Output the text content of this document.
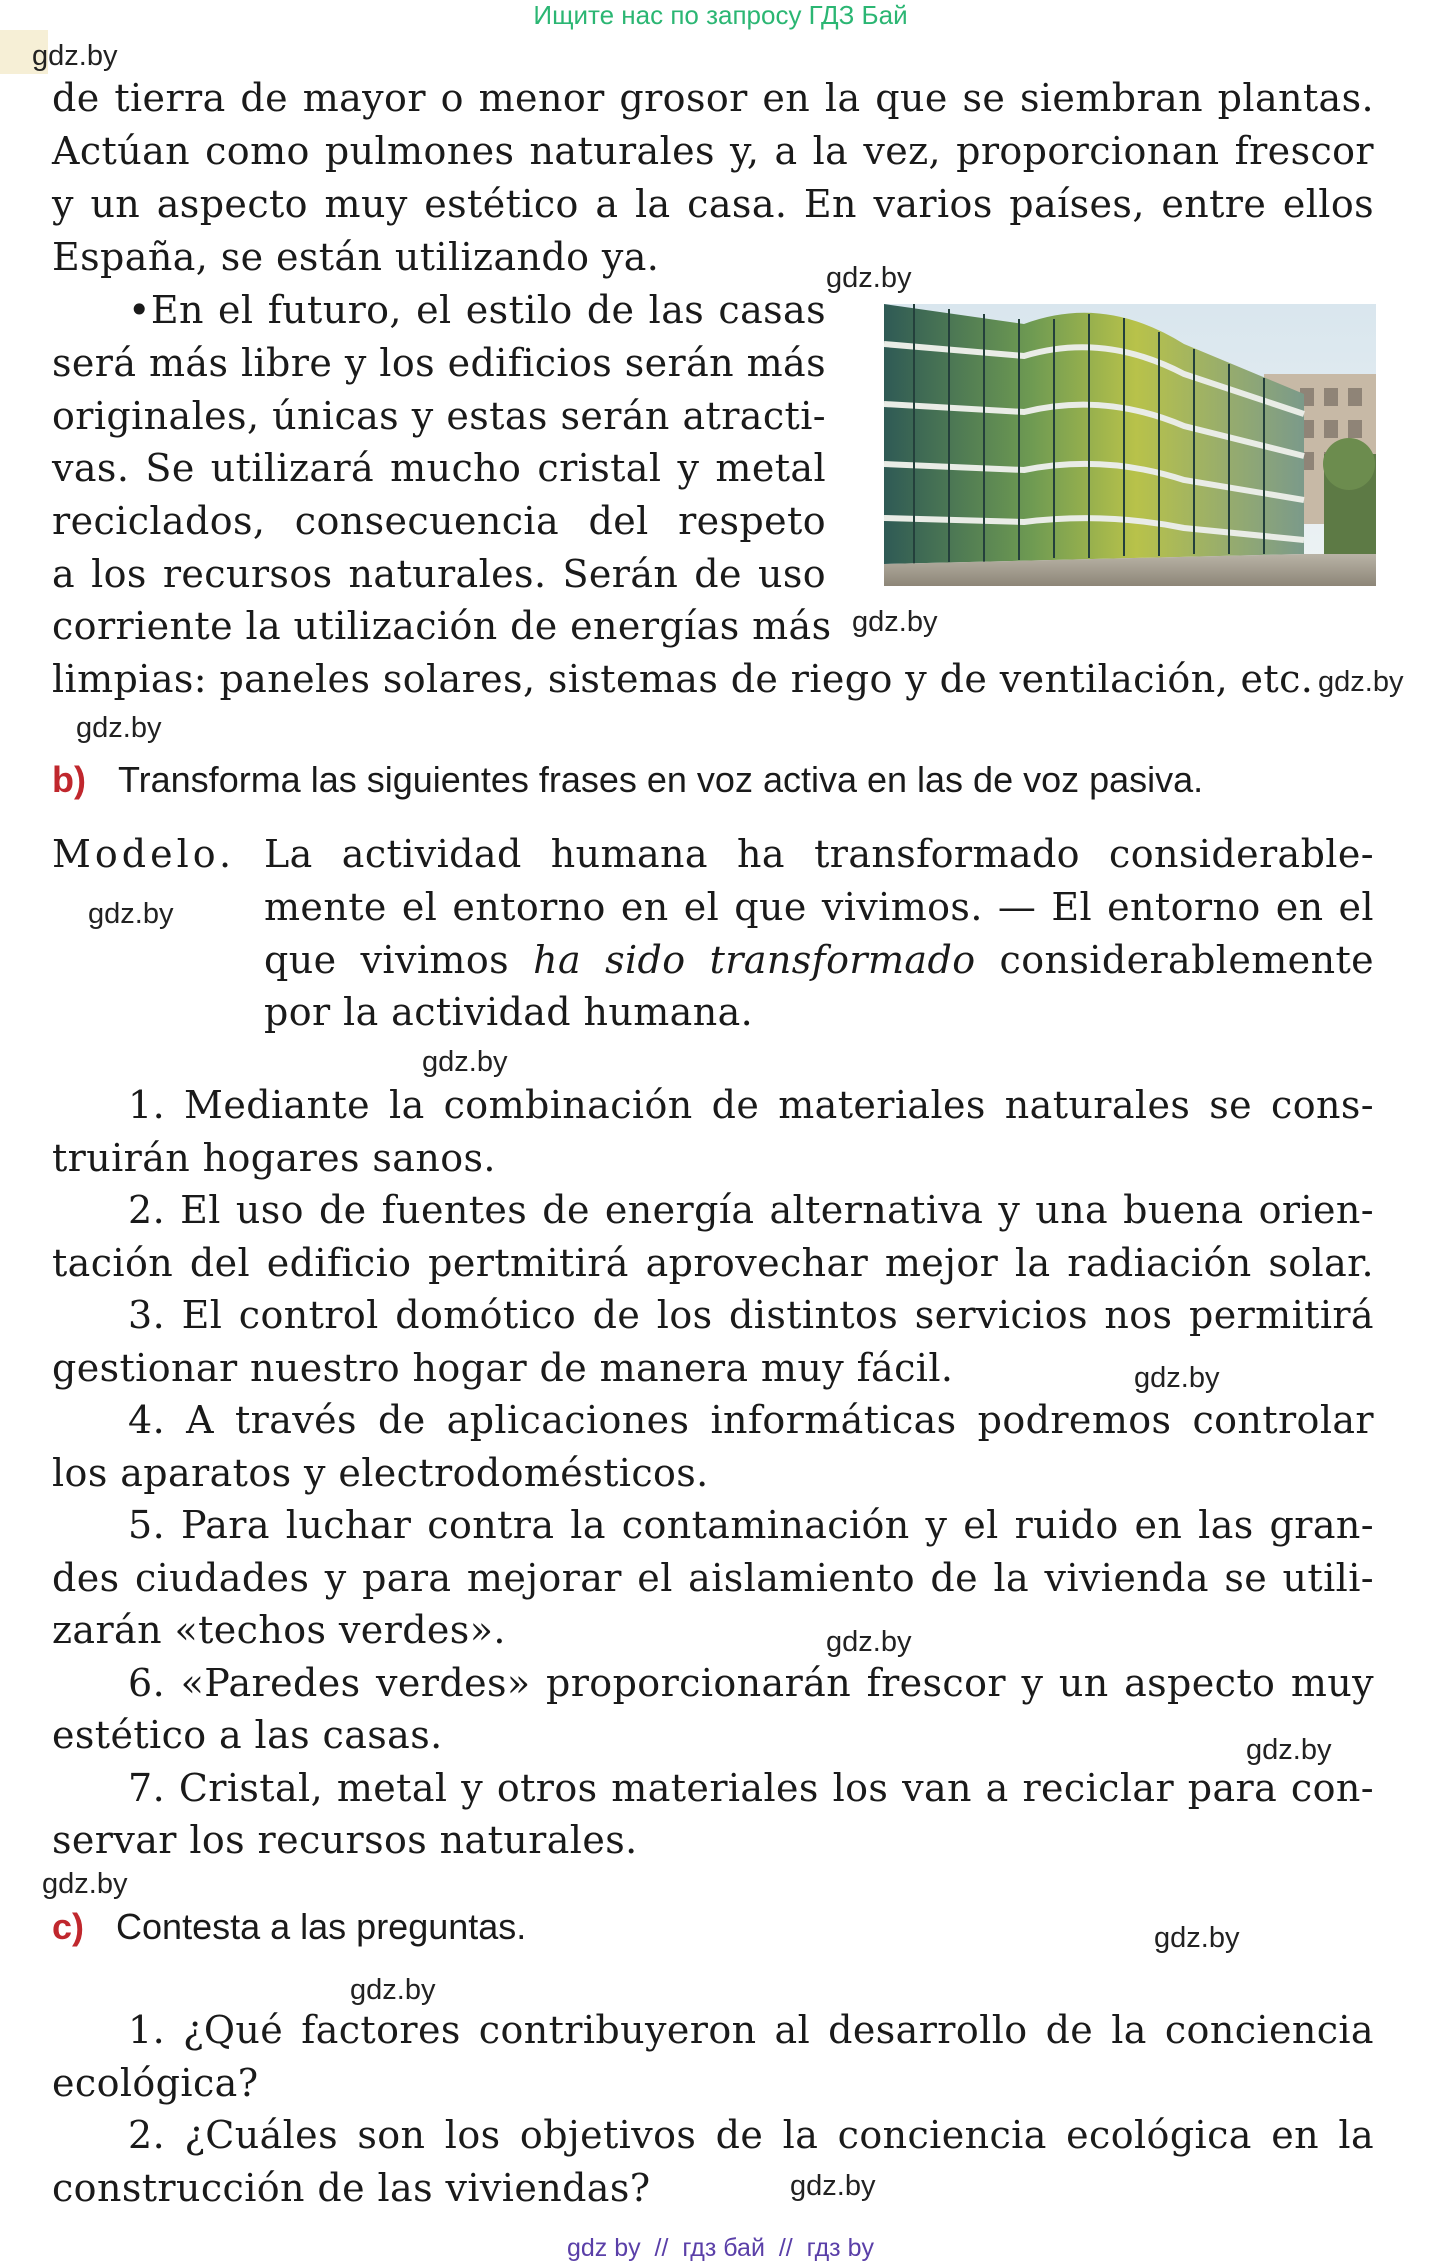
Ищите нас по запросу ГДЗ Бай
gdz.by
gdz.by
gdz.by
gdz.by
gdz.by
gdz.by
gdz.by
gdz.by
gdz.by
gdz.by
gdz.by
gdz.by
gdz.by
gdz.by
de tierra de mayor o menor grosor en la que se siembran plantas.
Actúan como pulmones naturales y, a la vez, proporcionan frescor
y un aspecto muy estético a la casa. En varios países, entre ellos
España, se están utilizando ya.
•En el futuro, el estilo de las casas
será más libre y los edificios serán más
originales, únicas y estas serán atracti-
vas. Se utilizará mucho cristal y metal
reciclados, consecuencia del respeto
a los recursos naturales. Serán de uso
corriente la utilización de energías más
limpias: paneles solares, sistemas de riego y de ventilación, etc.
b) Transforma las siguientes frases en voz activa en las de voz pasiva.
Modelo. La actividad humana ha transformado considerable-
mente el entorno en el que vivimos. — El entorno en el
que vivimos ha sido transformado considerablemente
por la actividad humana.
1. Mediante la combinación de materiales naturales se cons-
truirán hogares sanos.
2. El uso de fuentes de energía alternativa y una buena orien-
tación del edificio pertmitirá aprovechar mejor la radiación solar.
3. El control domótico de los distintos servicios nos permitirá
gestionar nuestro hogar de manera muy fácil.
4. A través de aplicaciones informáticas podremos controlar
los aparatos y electrodomésticos.
5. Para luchar contra la contaminación y el ruido en las gran-
des ciudades y para mejorar el aislamiento de la vivienda se utili-
zarán «techos verdes».
6. «Paredes verdes» proporcionarán frescor y un aspecto muy
estético a las casas.
7. Cristal, metal y otros materiales los van a reciclar para con-
servar los recursos naturales.
c) Contesta a las preguntas.
1. ¿Qué factores contribuyeron al desarrollo de la conciencia
ecológica?
2. ¿Cuáles son los objetivos de la conciencia ecológica en la
construcción de las viviendas?
gdz by  //  гдз бай  //  гдз by
